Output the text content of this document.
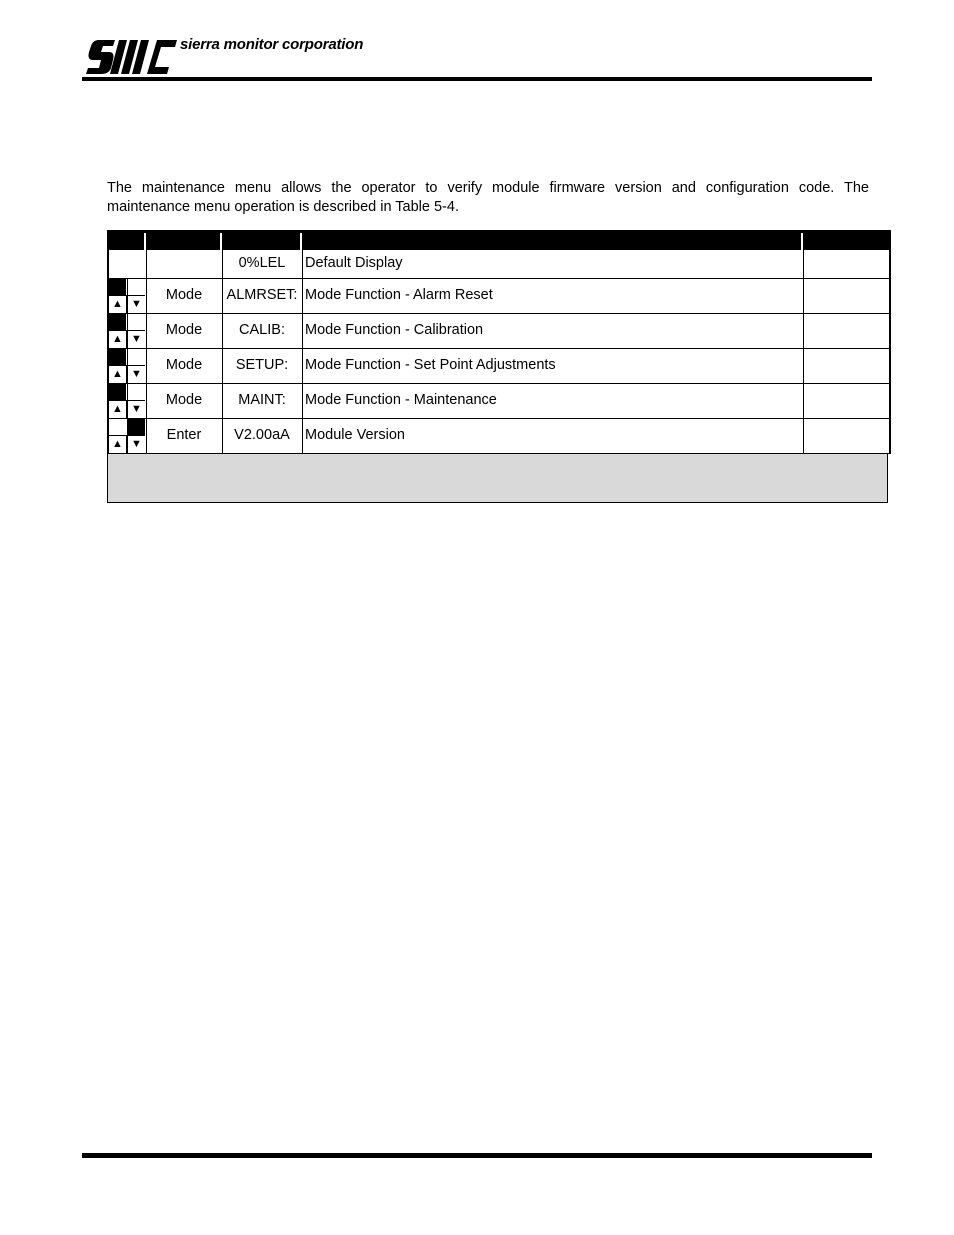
sierra monitor corporation

The maintenance menu allows the operator to verify module firmware version and configuration code. The maintenance menu operation is described in Table 5-4.

0%LEL	Default Display
▲ ▼
Mode	ALMRSET: Mode Function - Alarm Reset
▲ ▼
Mode	CALIB:	Mode Function - Calibration
▲ ▼
Mode	SETUP:	Mode Function - Set Point Adjustments
▲ ▼
Mode	MAINT:	Mode Function - Maintenance
▲ ▼
Enter	V2.00aA	Module Version
